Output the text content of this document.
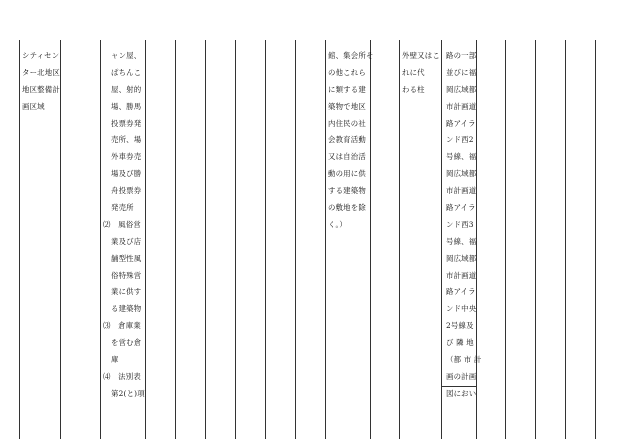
シティセン
ター北地区
地区整備計
画区域
ャン屋、
ぱちんこ
屋、射的
場、勝馬
投票券発
売所、場
外車券売
場及び勝
舟投票券
発売所
⑵　風俗営
業及び店
舗型性風
俗特殊営
業に供す
る建築物
⑶　倉庫業
を営む倉
庫
⑷　法別表
第2(と)項
館、集会所そ
の他これら
に類する建
築物で地区
内住民の社
会教育活動
又は自治活
動の用に供
する建築物
の敷地を除
く。）
外壁又はこ
れに代
わる柱
路の一部
並びに福
岡広域都
市計画道
路アイラ
ンド西2
号線、福
岡広域都
市計画道
路アイラ
ンド西3
号線、福
岡広域都
市計画道
路アイラ
ンド中央
2号線及
び 隣 地
（都 市 計
画の計画
図におい
